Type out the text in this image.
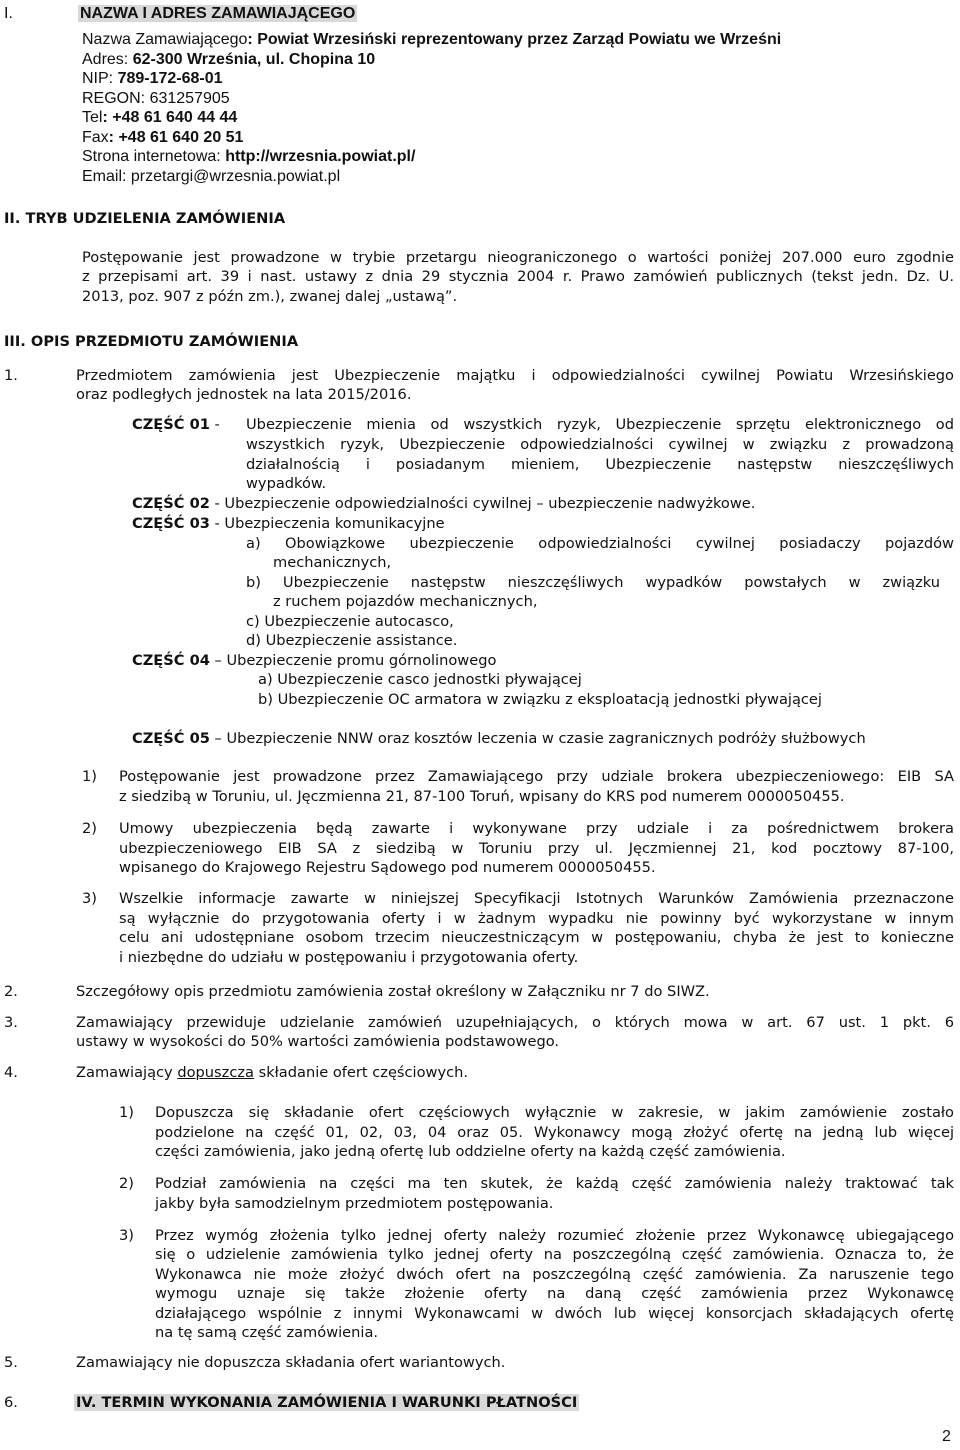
I.	NAZWA I ADRES ZAMAWIAJĄCEGO
Nazwa Zamawiającego: Powiat Wrzesiński reprezentowany przez Zarząd Powiatu we Wrześni
Adres: 62-300 Września, ul. Chopina 10
NIP: 789-172-68-01
REGON: 631257905
Tel: +48 61 640 44 44
Fax: +48 61 640 20 51
Strona internetowa: http://wrzesnia.powiat.pl/
Email: przetargi@wrzesnia.powiat.pl
II. TRYB UDZIELENIA ZAMÓWIENIA
Postępowanie jest prowadzone w trybie przetargu nieograniczonego o wartości poniżej 207.000 euro zgodnie
z przepisami art. 39 i nast. ustawy z dnia 29 stycznia 2004 r. Prawo zamówień publicznych (tekst jedn. Dz. U.
2013, poz. 907 z późn zm.), zwanej dalej „ustawą”.
III. OPIS PRZEDMIOTU ZAMÓWIENIA
1.	Przedmiotem zamówienia jest Ubezpieczenie majątku i odpowiedzialności cywilnej Powiatu Wrzesińskiego
oraz podległych jednostek na lata 2015/2016.
CZĘŚĆ 01 - Ubezpieczenie mienia od wszystkich ryzyk, Ubezpieczenie sprzętu elektronicznego od
wszystkich ryzyk, Ubezpieczenie odpowiedzialności cywilnej w związku z prowadzoną
działalnością i posiadanym mieniem, Ubezpieczenie następstw nieszczęśliwych
wypadków.
CZĘŚĆ 02 - Ubezpieczenie odpowiedzialności cywilnej – ubezpieczenie nadwyżkowe.
CZĘŚĆ 03 - Ubezpieczenia komunikacyjne
a) Obowiązkowe ubezpieczenie odpowiedzialności cywilnej posiadaczy pojazdów
mechanicznych,
b) Ubezpieczenie następstw nieszczęśliwych wypadków powstałych w związku
z ruchem pojazdów mechanicznych,
c) Ubezpieczenie autocasco,
d) Ubezpieczenie assistance.
CZĘŚĆ 04 – Ubezpieczenie promu górnolinowego
a) Ubezpieczenie casco jednostki pływającej
b) Ubezpieczenie OC armatora w związku z eksploatacją jednostki pływającej
CZĘŚĆ 05 – Ubezpieczenie NNW oraz kosztów leczenia w czasie zagranicznych podróży służbowych
1) Postępowanie jest prowadzone przez Zamawiającego przy udziale brokera ubezpieczeniowego: EIB SA
z siedzibą w Toruniu, ul. Jęczmienna 21, 87-100 Toruń, wpisany do KRS pod numerem 0000050455.
2) Umowy ubezpieczenia będą zawarte i wykonywane przy udziale i za pośrednictwem brokera
ubezpieczeniowego EIB SA z siedzibą w Toruniu przy ul. Jęczmiennej 21, kod pocztowy 87-100,
wpisanego do Krajowego Rejestru Sądowego pod numerem 0000050455.
3) Wszelkie informacje zawarte w niniejszej Specyfikacji Istotnych Warunków Zamówienia przeznaczone
są wyłącznie do przygotowania oferty i w żadnym wypadku nie powinny być wykorzystane w innym
celu ani udostępniane osobom trzecim nieuczestniczącym w postępowaniu, chyba że jest to konieczne
i niezbędne do udziału w postępowaniu i przygotowania oferty.
2.	Szczegółowy opis przedmiotu zamówienia został określony w Załączniku nr 7 do SIWZ.
3.	Zamawiający przewiduje udzielanie zamówień uzupełniających, o których mowa w art. 67 ust. 1 pkt. 6
ustawy w wysokości do 50% wartości zamówienia podstawowego.
4.	Zamawiający dopuszcza składanie ofert częściowych.
1) Dopuszcza się składanie ofert częściowych wyłącznie w zakresie, w jakim zamówienie zostało
podzielone na część 01, 02, 03, 04 oraz 05. Wykonawcy mogą złożyć ofertę na jedną lub więcej
części zamówienia, jako jedną ofertę lub oddzielne oferty na każdą część zamówienia.
2) Podział zamówienia na części ma ten skutek, że każdą część zamówienia należy traktować tak
jakby była samodzielnym przedmiotem postępowania.
3) Przez wymóg złożenia tylko jednej oferty należy rozumieć złożenie przez Wykonawcę ubiegającego
się o udzielenie zamówienia tylko jednej oferty na poszczególną część zamówienia. Oznacza to, że
Wykonawca nie może złożyć dwóch ofert na poszczególną część zamówienia. Za naruszenie tego
wymogu uznaje się także złożenie oferty na daną część zamówienia przez Wykonawcę
działającego wspólnie z innymi Wykonawcami w dwóch lub więcej konsorcjach składających ofertę
na tę samą część zamówienia.
5.	Zamawiający nie dopuszcza składania ofert wariantowych.
6.	IV. TERMIN WYKONANIA ZAMÓWIENIA I WARUNKI PŁATNOŚCI
2
